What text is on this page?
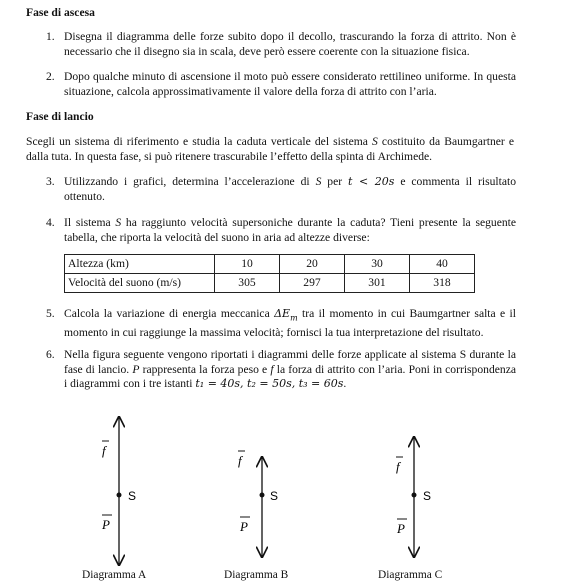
Fase di ascesa
1. Disegna il diagramma delle forze subito dopo il decollo, trascurando la forza di attrito. Non è necessario che il disegno sia in scala, deve però essere coerente con la situazione fisica.
2. Dopo qualche minuto di ascensione il moto può essere considerato rettilineo uniforme. In questa situazione, calcola approssimativamente il valore della forza di attrito con l’aria.
Fase di lancio
Scegli un sistema di riferimento e studia la caduta verticale del sistema S costituito da Baumgartner e dalla tuta. In questa fase, si può ritenere trascurabile l’effetto della spinta di Archimede.
3. Utilizzando i grafici, determina l’accelerazione di S per t < 20s e commenta il risultato ottenuto.
4. Il sistema S ha raggiunto velocità supersoniche durante la caduta? Tieni presente la seguente tabella, che riporta la velocità del suono in aria ad altezze diverse:
Altezza (km)	10	20	30	40
Velocità del suono (m/s)	305	297	301	318
5. Calcola la variazione di energia meccanica $\Delta E_m$ tra il momento in cui Baumgartner salta e il momento in cui raggiunge la massima velocità; fornisci la tua interpretazione del risultato.
6. Nella figura seguente vengono riportati i diagrammi delle forze applicate al sistema S durante la fase di lancio. P rappresenta la forza peso e f la forza di attrito con l’aria. Poni in corrispondenza i diagrammi con i tre istanti t₁ = 40s, t₂ = 50s, t₃ = 60s.
S
f
P
S
f
P
S
f
P
Diagramma A	Diagramma B	Diagramma C
